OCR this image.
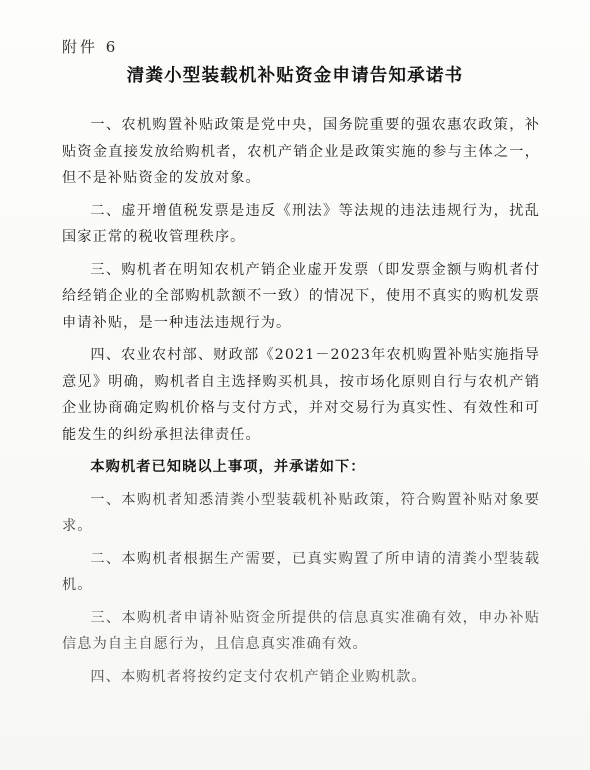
附件 6
清粪小型装载机补贴资金申请告知承诺书

一、农机购置补贴政策是党中央，国务院重要的强农惠农政策，补贴资金直接发放给购机者，农机产销企业是政策实施的参与主体之一，但不是补贴资金的发放对象。

二、虚开增值税发票是违反《刑法》等法规的违法违规行为，扰乱国家正常的税收管理秩序。

三、购机者在明知农机产销企业虚开发票（即发票金额与购机者付给经销企业的全部购机款额不一致）的情况下，使用不真实的购机发票申请补贴，是一种违法违规行为。

四、农业农村部、财政部《2021－2023年农机购置补贴实施指导意见》明确，购机者自主选择购买机具，按市场化原则自行与农机产销企业协商确定购机价格与支付方式，并对交易行为真实性、有效性和可能发生的纠纷承担法律责任。

本购机者已知晓以上事项，并承诺如下：

一、本购机者知悉清粪小型装载机补贴政策，符合购置补贴对象要求。

二、本购机者根据生产需要，已真实购置了所申请的清粪小型装载机。

三、本购机者申请补贴资金所提供的信息真实准确有效，申办补贴信息为自主自愿行为，且信息真实准确有效。

四、本购机者将按约定支付农机产销企业购机款。
